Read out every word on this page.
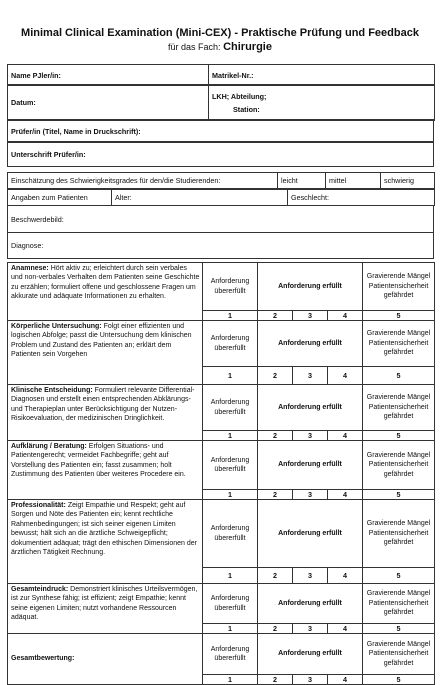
Minimal Clinical Examination (Mini-CEX) - Praktische Prüfung und Feedback
für das Fach: Chirurgie
Name PJler/in:	Matrikel-Nr.:
Datum:	
LKH; Abteilung;
Station:
Prüfer/in (Titel, Name in Druckschrift):
Unterschrift Prüfer/in:
Einschätzung des Schwierigkeitsgrades für den/die Studierenden:	leicht	mittel	schwierig
Angaben zum Patienten	Alter:	Geschlecht:
Beschwerdebild:
Diagnose:
Anamnese: Hört aktiv zu; erleichtert durch sein verbales und non-verbales Verhalten dem Patienten seine Geschichte zu erzählen; formuliert offene und geschlossene Fragen um akkurate und adäquate Informationen zu erhalten.	Anforderung übererfüllt	Anforderung erfüllt			Gravierende Mängel Patientensicherheit gefährdet
	1	2	3	4	5
Körperliche Untersuchung: Folgt einer effizienten und logischen Abfolge; passt die Untersuchung dem klinischen Problem und Zustand des Patienten an; erklärt dem Patienten sein Vorgehen	Anforderung übererfüllt	Anforderung erfüllt			Gravierende Mängel Patientensicherheit gefährdet
	1	2	3	4	5
Klinische Entscheidung: Formuliert relevante Differential-Diagnosen und erstellt einen entsprechenden Abklärungs- und Therapieplan unter Berücksichtigung der Nutzen-Risikoevaluation, der medizinischen Dringlichkeit.	Anforderung übererfüllt	Anforderung erfüllt			Gravierende Mängel Patientensicherheit gefährdet
	1	2	3	4	5
Aufklärung / Beratung: Erfolgen Situations- und Patientengerecht; vermeidet Fachbegriffe; geht auf Vorstellung des Patienten ein; fasst zusammen; holt Zustimmung des Patienten über weiteres Procedere ein.	Anforderung übererfüllt	Anforderung erfüllt			Gravierende Mängel Patientensicherheit gefährdet
	1	2	3	4	5
Professionalität: Zeigt Empathie und Respekt; geht auf Sorgen und Nöte des Patienten ein; kennt rechtliche Rahmenbedingungen; ist sich seiner eigenen Limiten bewusst; hält sich an die ärztliche Schweigepflicht; dokumentiert adäquat; trägt den ethischen Dimensionen der ärztlichen Tätigkeit Rechnung.	Anforderung übererfüllt	Anforderung erfüllt			Gravierende Mängel Patientensicherheit gefährdet
	1	2	3	4	5
Gesamteindruck: Demonstriert klinisches Urteilsvermögen, ist zur Synthese fähig; ist effizient; zeigt Empathie; kennt seine eigenen Limiten; nutzt vorhandene Ressourcen adäquat.	Anforderung übererfüllt	Anforderung erfüllt			Gravierende Mängel Patientensicherheit gefährdet
	1	2	3	4	5
Gesamtbewertung:	Anforderung übererfüllt	Anforderung erfüllt			Gravierende Mängel Patientensicherheit gefährdet
	1	2	3	4	5
